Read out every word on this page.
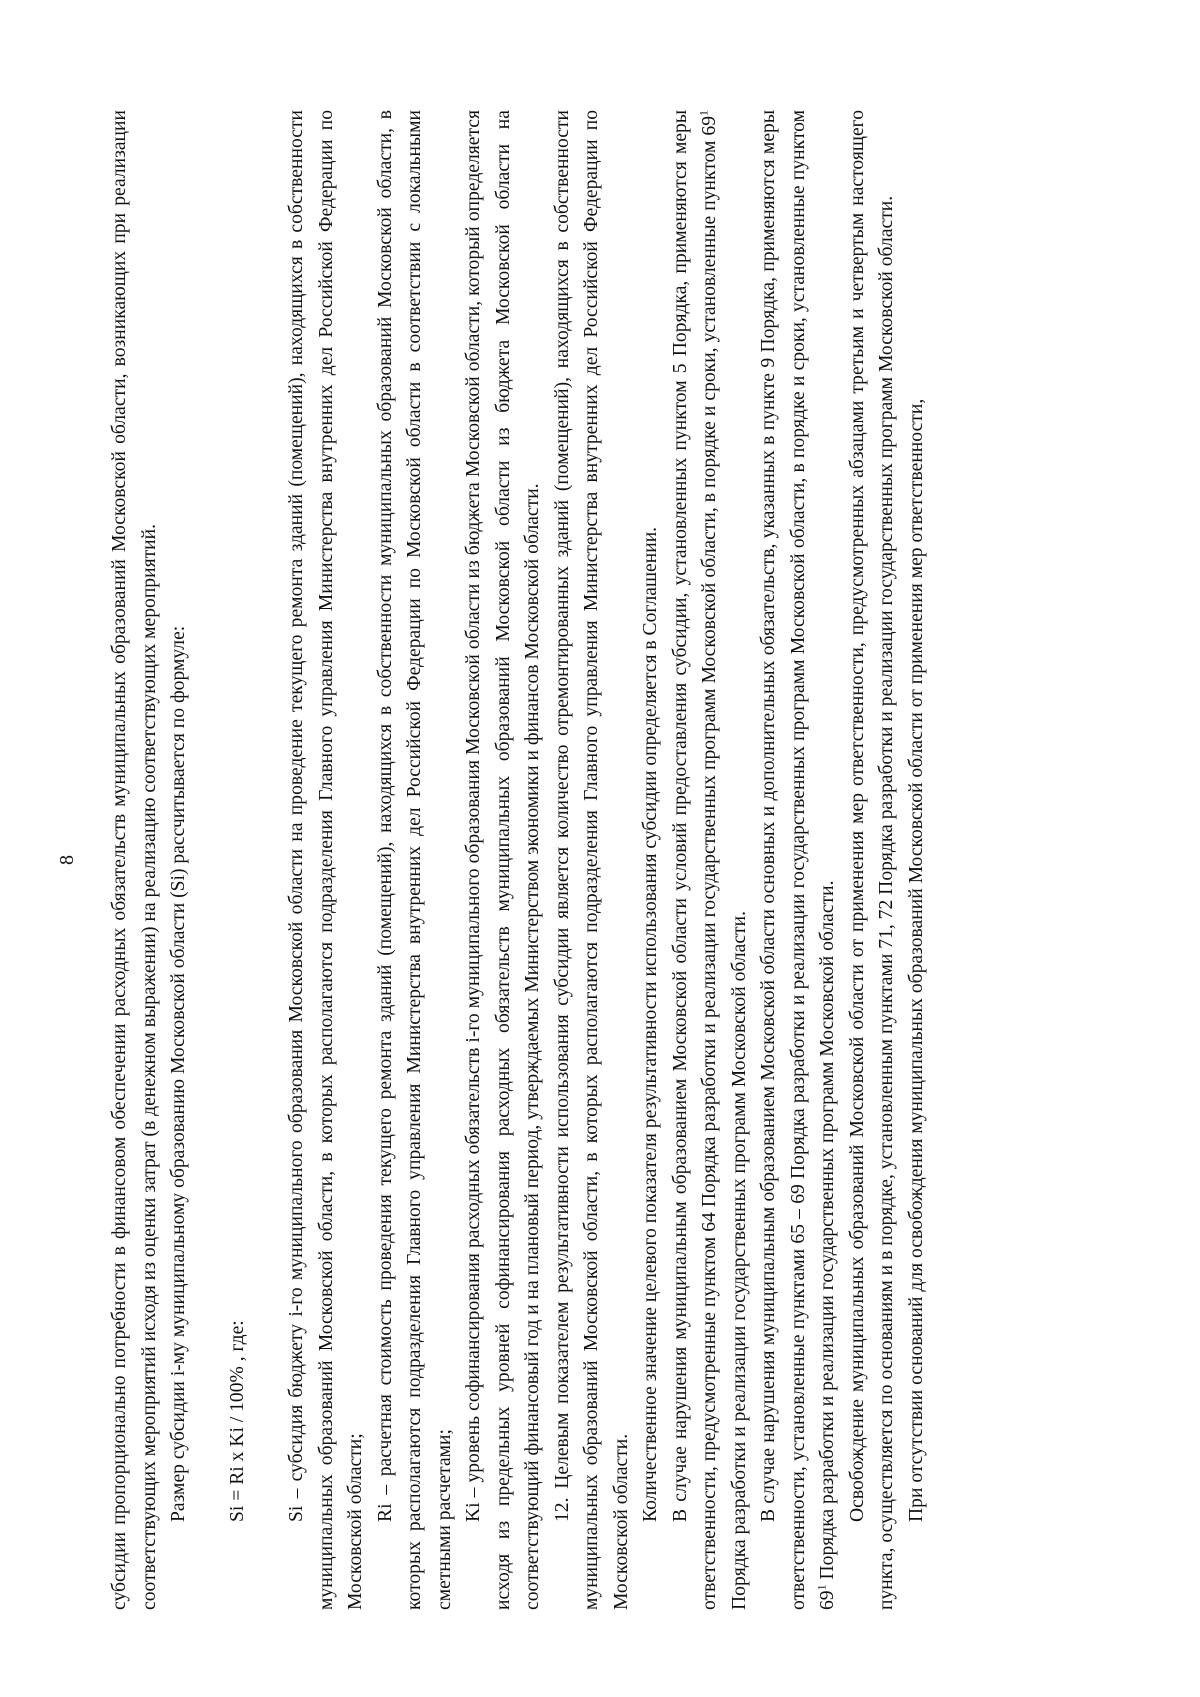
8 субсидии пропорционально потребности в финансовом обеспечении расходных обязательств муниципальных образований Московской области, возникающих при реализации соответствующих мероприятий исходя из оценки затрат (в денежном выражении) на реализацию соответствующих мероприятий. Размер субсидии i-му муниципальному образованию Московской области (Si) рассчитывается по формуле: Si = Ri x Ki / 100% , где: Si – субсидия бюджету i-го муниципального образования Московской области на проведение текущего ремонта зданий (помещений), находящихся в собственности муниципальных образований Московской области, в которых располагаются подразделения Главного управления Министерства внутренних дел Российской Федерации по Московской области; Ri – расчетная стоимость проведения текущего ремонта зданий (помещений), находящихся в собственности муниципальных образований Московской области, в которых располагаются подразделения Главного управления Министерства внутренних дел Российской Федерации по Московской области в соответствии с локальными сметными расчетами; Ki – уровень софинансирования расходных обязательств i-го муниципального образования Московской области из бюджета Московской области, который определяется исходя из предельных уровней софинансирования расходных обязательств муниципальных образований Московской области из бюджета Московской области на соответствующий финансовый год и на плановый период, утверждаемых Министерством экономики и финансов Московской области. 12. Целевым показателем результативности использования субсидии является количество отремонтированных зданий (помещений), находящихся в собственности муниципальных образований Московской области, в которых располагаются подразделения Главного управления Министерства внутренних дел Российской Федерации по Московской области. Количественное значение целевого показателя результативности использования субсидии определяется в Соглашении. В случае нарушения муниципальным образованием Московской области условий предоставления субсидии, установленных пунктом 5 Порядка, применяются меры ответственности, предусмотренные пунктом 64 Порядка разработки и реализации государственных программ Московской области, в порядке и сроки, установленные пунктом $69^1$ Порядка разработки и реализации государственных программ Московской области. В случае нарушения муниципальным образованием Московской области основных и дополнительных обязательств, указанных в пункте 9 Порядка, применяются меры ответственности, установленные пунктами 65 – 69 Порядка разработки и реализации государственных программ Московской области, в порядке и сроки, установленные пунктом $69^1$ Порядка разработки и реализации государственных программ Московской области. Освобождение муниципальных образований Московской области от применения мер ответственности, предусмотренных абзацами третьим и четвертым настоящего пункта, осуществляется по основаниям и в порядке, установленным пунктами 71, 72 Порядка разработки и реализации государственных программ Московской области. При отсутствии оснований для освобождения муниципальных образований Московской области от применения мер ответственности,
